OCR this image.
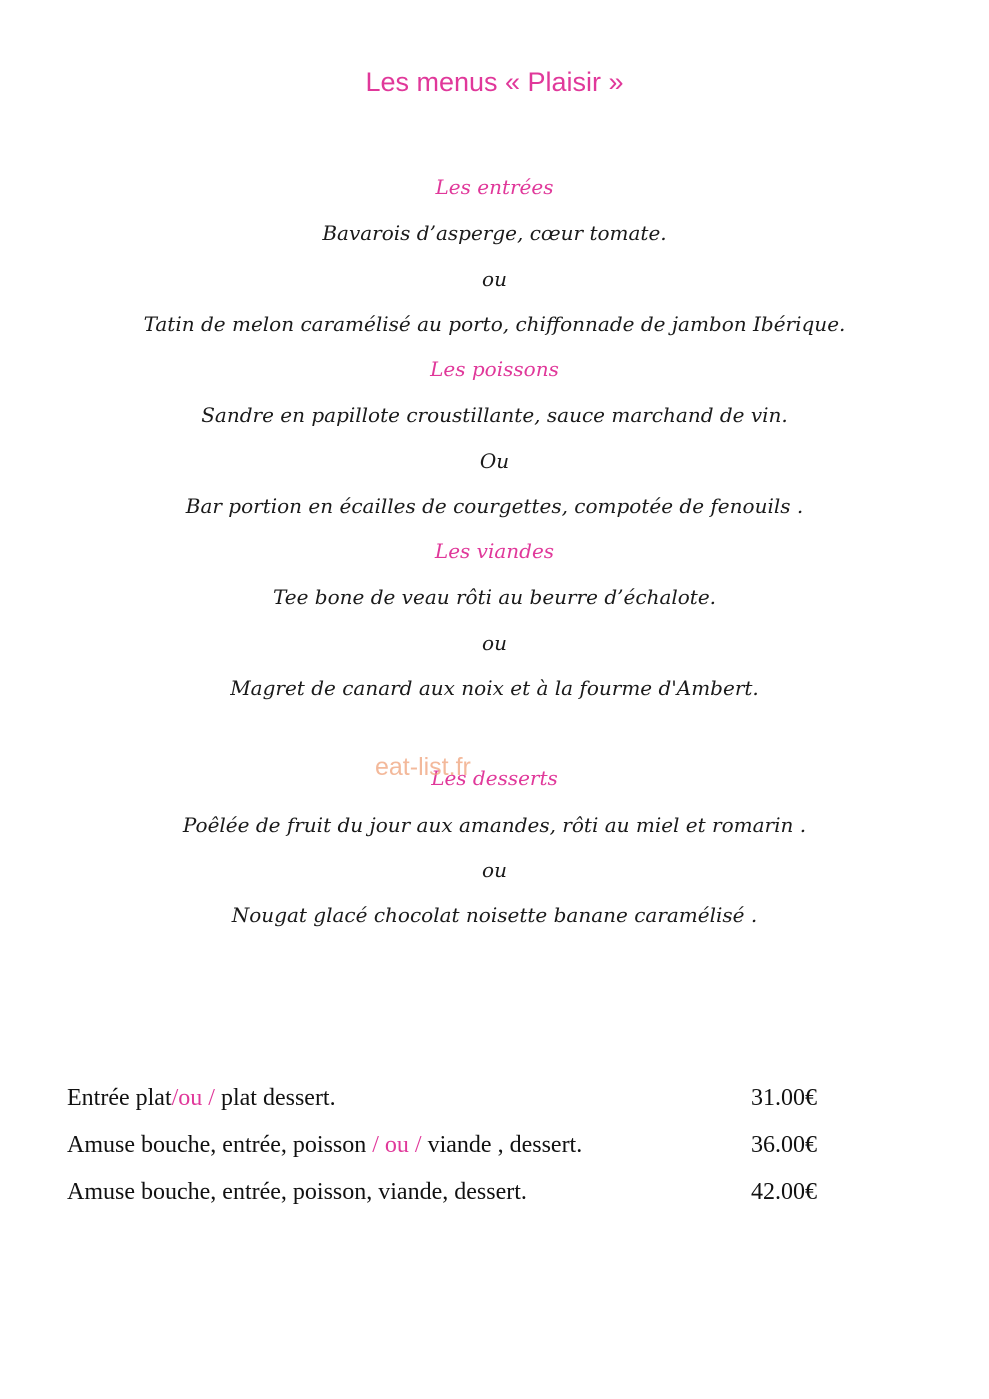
Les menus « Plaisir »
Les entrées
Bavarois d’asperge, cœur tomate.
ou
Tatin de melon caramélisé au porto, chiffonnade de jambon Ibérique.
Les poissons
Sandre en papillote croustillante, sauce marchand de vin.
Ou
Bar portion en écailles de courgettes, compotée de fenouils .
Les viandes
Tee bone de veau rôti au beurre d’échalote.
ou
Magret de canard aux noix et à la fourme d'Ambert.
Les desserts
eat-list.fr
Poêlée de fruit du jour aux amandes, rôti au miel et romarin .
ou
Nougat glacé chocolat noisette banane caramélisé .
Entrée plat/ou / plat dessert.	31.00€
Amuse bouche, entrée, poisson / ou / viande , dessert.	36.00€
Amuse bouche, entrée, poisson, viande, dessert.	42.00€
